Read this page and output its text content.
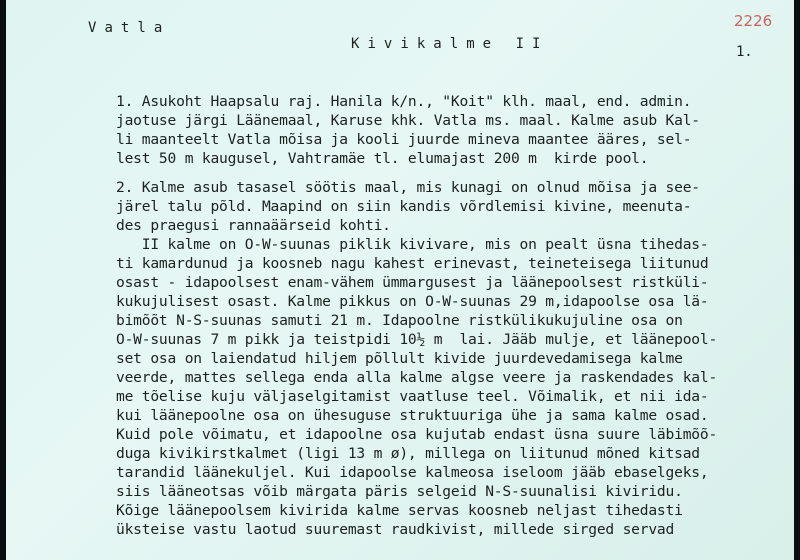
V a t l a
K i v i k a l m e   I I
2226
1.
1. Asukoht Haapsalu raj. Hanila k/n., "Koit" klh. maal, end. admin.
jaotuse järgi Läänemaal, Karuse khk. Vatla ms. maal. Kalme asub Kal-
li maanteelt Vatla mõisa ja kooli juurde mineva maantee ääres, sel-
lest 50 m kaugusel, Vahtramäe tl. elumajast 200 m  kirde pool.
2. Kalme asub tasasel söötis maal, mis kunagi on olnud mõisa ja see-
järel talu põld. Maapind on siin kandis võrdlemisi kivine, meenuta-
des praegusi rannaäärseid kohti.
II kalme on O-W-suunas piklik kivivare, mis on pealt üsna tihedas-
ti kamardunud ja koosneb nagu kahest erinevast, teineteisega liitunud
osast - idapoolsest enam-vähem ümmargusest ja läänepoolsest ristküli-
kukujulisest osast. Kalme pikkus on O-W-suunas 29 m,idapoolse osa lä-
bimõõt N-S-suunas samuti 21 m. Idapoolne ristkülikukujuline osa on
O-W-suunas 7 m pikk ja teistpidi 10½ m  lai. Jääb mulje, et läänepool-
set osa on laiendatud hiljem põllult kivide juurdevedamisega kalme
veerde, mattes sellega enda alla kalme algse veere ja raskendades kal-
me tõelise kuju väljaselgitamist vaatluse teel. Võimalik, et nii ida-
kui läänepoolne osa on ühesuguse struktuuriga ühe ja sama kalme osad.
Kuid pole võimatu, et idapoolne osa kujutab endast üsna suure läbimõõ-
duga kivikirstkalmet (ligi 13 m ø), millega on liitunud mõned kitsad
tarandid läänekuljel. Kui idapoolse kalmeosa iseloom jääb ebaselgeks,
siis lääneotsas võib märgata päris selgeid N-S-suunalisi kiviridu.
Kõige läänepoolsem kivirida kalme servas koosneb neljast tihedasti
üksteise vastu laotud suuremast raudkivist, millede sirged servad
